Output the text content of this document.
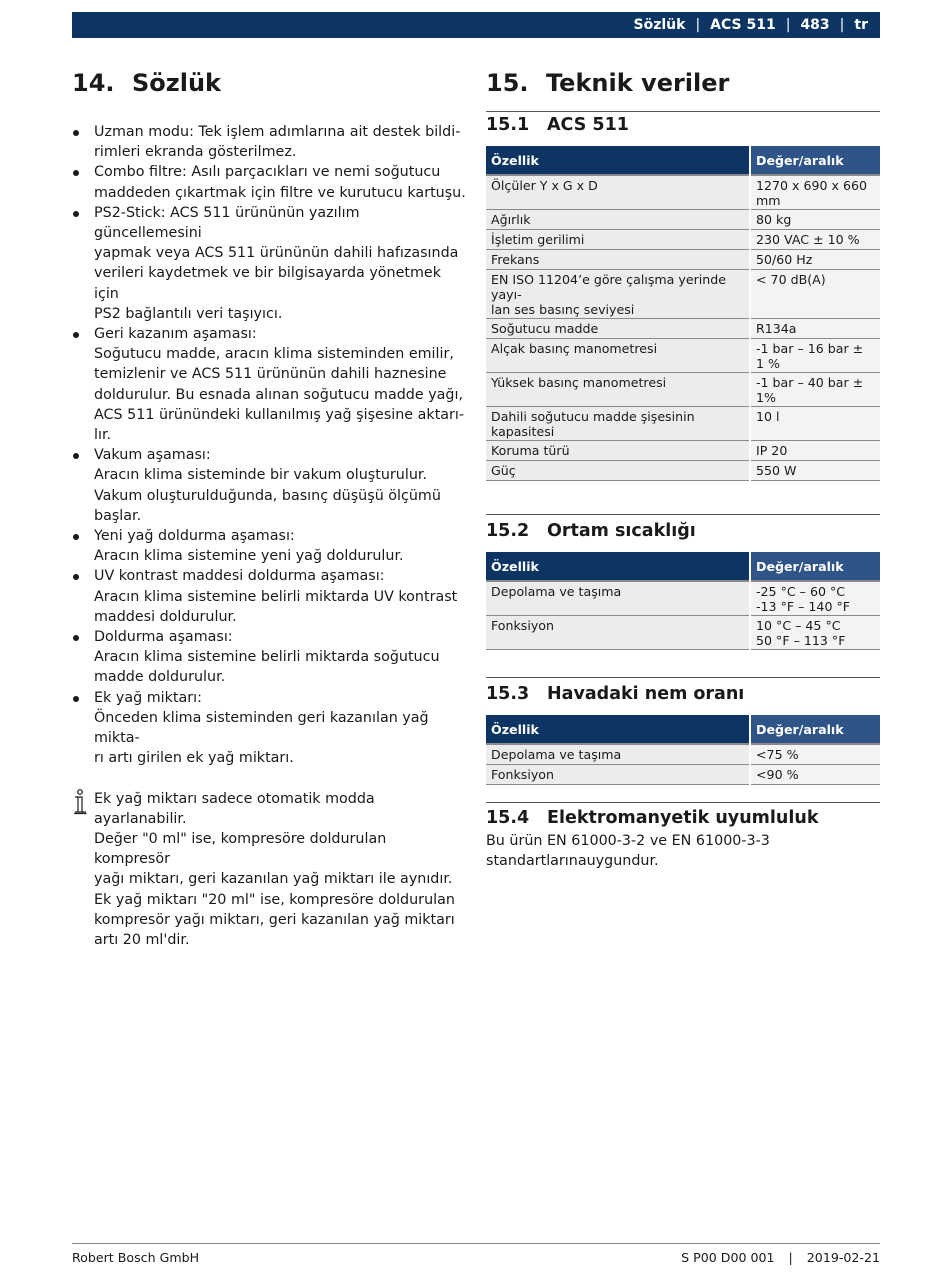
Sözlük | ACS 511 | 483 | tr
14. Sözlük
Uzman modu: Tek işlem adımlarına ait destek bildi-
rimleri ekranda gösterilmez.
Combo filtre: Asılı parçacıkları ve nemi soğutucu
maddeden çıkartmak için filtre ve kurutucu kartuşu.
PS2-Stick: ACS 511 ürününün yazılım güncellemesini
yapmak veya ACS 511 ürününün dahili hafızasında
verileri kaydetmek ve bir bilgisayarda yönetmek için
PS2 bağlantılı veri taşıyıcı.
Geri kazanım aşaması:
Soğutucu madde, aracın klima sisteminden emilir,
temizlenir ve ACS 511 ürününün dahili haznesine
doldurulur. Bu esnada alınan soğutucu madde yağı,
ACS 511 ürünündeki kullanılmış yağ şişesine aktarı-
lır.
Vakum aşaması:
Aracın klima sisteminde bir vakum oluşturulur.
Vakum oluşturulduğunda, basınç düşüşü ölçümü
başlar.
Yeni yağ doldurma aşaması:
Aracın klima sistemine yeni yağ doldurulur.
UV kontrast maddesi doldurma aşaması:
Aracın klima sistemine belirli miktarda UV kontrast
maddesi doldurulur.
Doldurma aşaması:
Aracın klima sistemine belirli miktarda soğutucu
madde doldurulur.
Ek yağ miktarı:
Önceden klima sisteminden geri kazanılan yağ mikta-
rı artı girilen ek yağ miktarı.

Ek yağ miktarı sadece otomatik modda ayarlanabilir.

Değer "0 ml" ise, kompresöre doldurulan kompresör

yağı miktarı, geri kazanılan yağ miktarı ile aynıdır.

Ek yağ miktarı "20 ml" ise, kompresöre doldurulan

kompresör yağı miktarı, geri kazanılan yağ miktarı

artı 20 ml'dir.

15. Teknik veriler
15.1	ACS 511
Özellik	Değer/aralık
Ölçüler Y x G x D	1270 x 690 x 660 mm
Ağırlık	80 kg
İşletim gerilimi	230 VAC ± 10 %
Frekans	50/60 Hz
EN ISO 11204’e göre çalışma yerinde yayı-
lan ses basınç seviyesi	< 70 dB(A)
Soğutucu madde	R134a
Alçak basınç manometresi	-1 bar – 16 bar ± 1 %
Yüksek basınç manometresi	-1 bar – 40 bar ± 1%
Dahili soğutucu madde şişesinin kapasitesi	10 l
Koruma türü	IP 20
Güç	550 W
15.2	Ortam sıcaklığı
Özellik	Değer/aralık
Depolama ve taşıma	-25 °C – 60 °C
-13 °F – 140 °F
Fonksiyon	10 °C – 45 °C
50 °F – 113 °F
15.3	Havadaki nem oranı
Özellik	Değer/aralık
Depolama ve taşıma	<75 %
Fonksiyon	<90 %
15.4	Elektromanyetik uyumluluk

Bu ürün EN 61000-3-2 ve EN 61000-3-3 standartlarınauygundur.

Robert Bosch GmbH	S P00 D00 001 | 2019-02-21
